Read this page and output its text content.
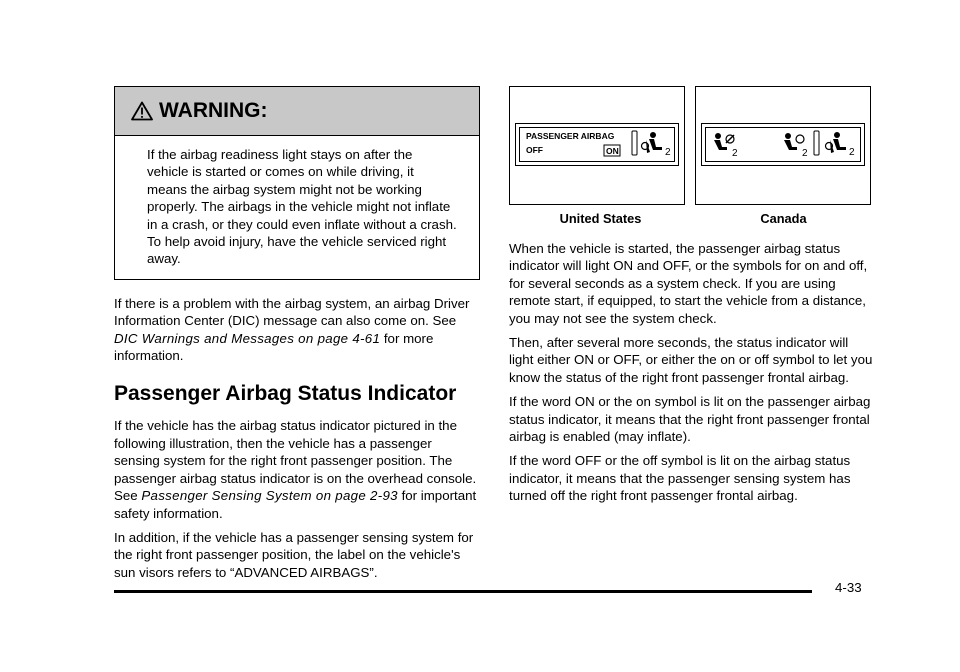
WARNING:
If the airbag readiness light stays on after the vehicle is started or comes on while driving, it means the airbag system might not be working properly. The airbags in the vehicle might not inflate in a crash, or they could even inflate without a crash. To help avoid injury, have the vehicle serviced right away.

If there is a problem with the airbag system, an airbag Driver Information Center (DIC) message can also come on. See DIC Warnings and Messages on page 4‑61 for more information.

Passenger Airbag Status Indicator

If the vehicle has the airbag status indicator pictured in the following illustration, then the vehicle has a passenger sensing system for the right front passenger position. The passenger airbag status indicator is on the overhead console. See Passenger Sensing System on page 2‑93 for important safety information.

In addition, if the vehicle has a passenger sensing system for the right front passenger position, the label on the vehicle's sun visors refers to “ADVANCED AIRBAGS”.

PASSENGER AIRBAG
OFF	ON	2	2	2	2
United States	Canada

When the vehicle is started, the passenger airbag status indicator will light ON and OFF, or the symbols for on and off, for several seconds as a system check. If you are using remote start, if equipped, to start the vehicle from a distance, you may not see the system check.

Then, after several more seconds, the status indicator will light either ON or OFF, or either the on or off symbol to let you know the status of the right front passenger frontal airbag.

If the word ON or the on symbol is lit on the passenger airbag status indicator, it means that the right front passenger frontal airbag is enabled (may inflate).

If the word OFF or the off symbol is lit on the airbag status indicator, it means that the passenger sensing system has turned off the right front passenger frontal airbag.

4-33
